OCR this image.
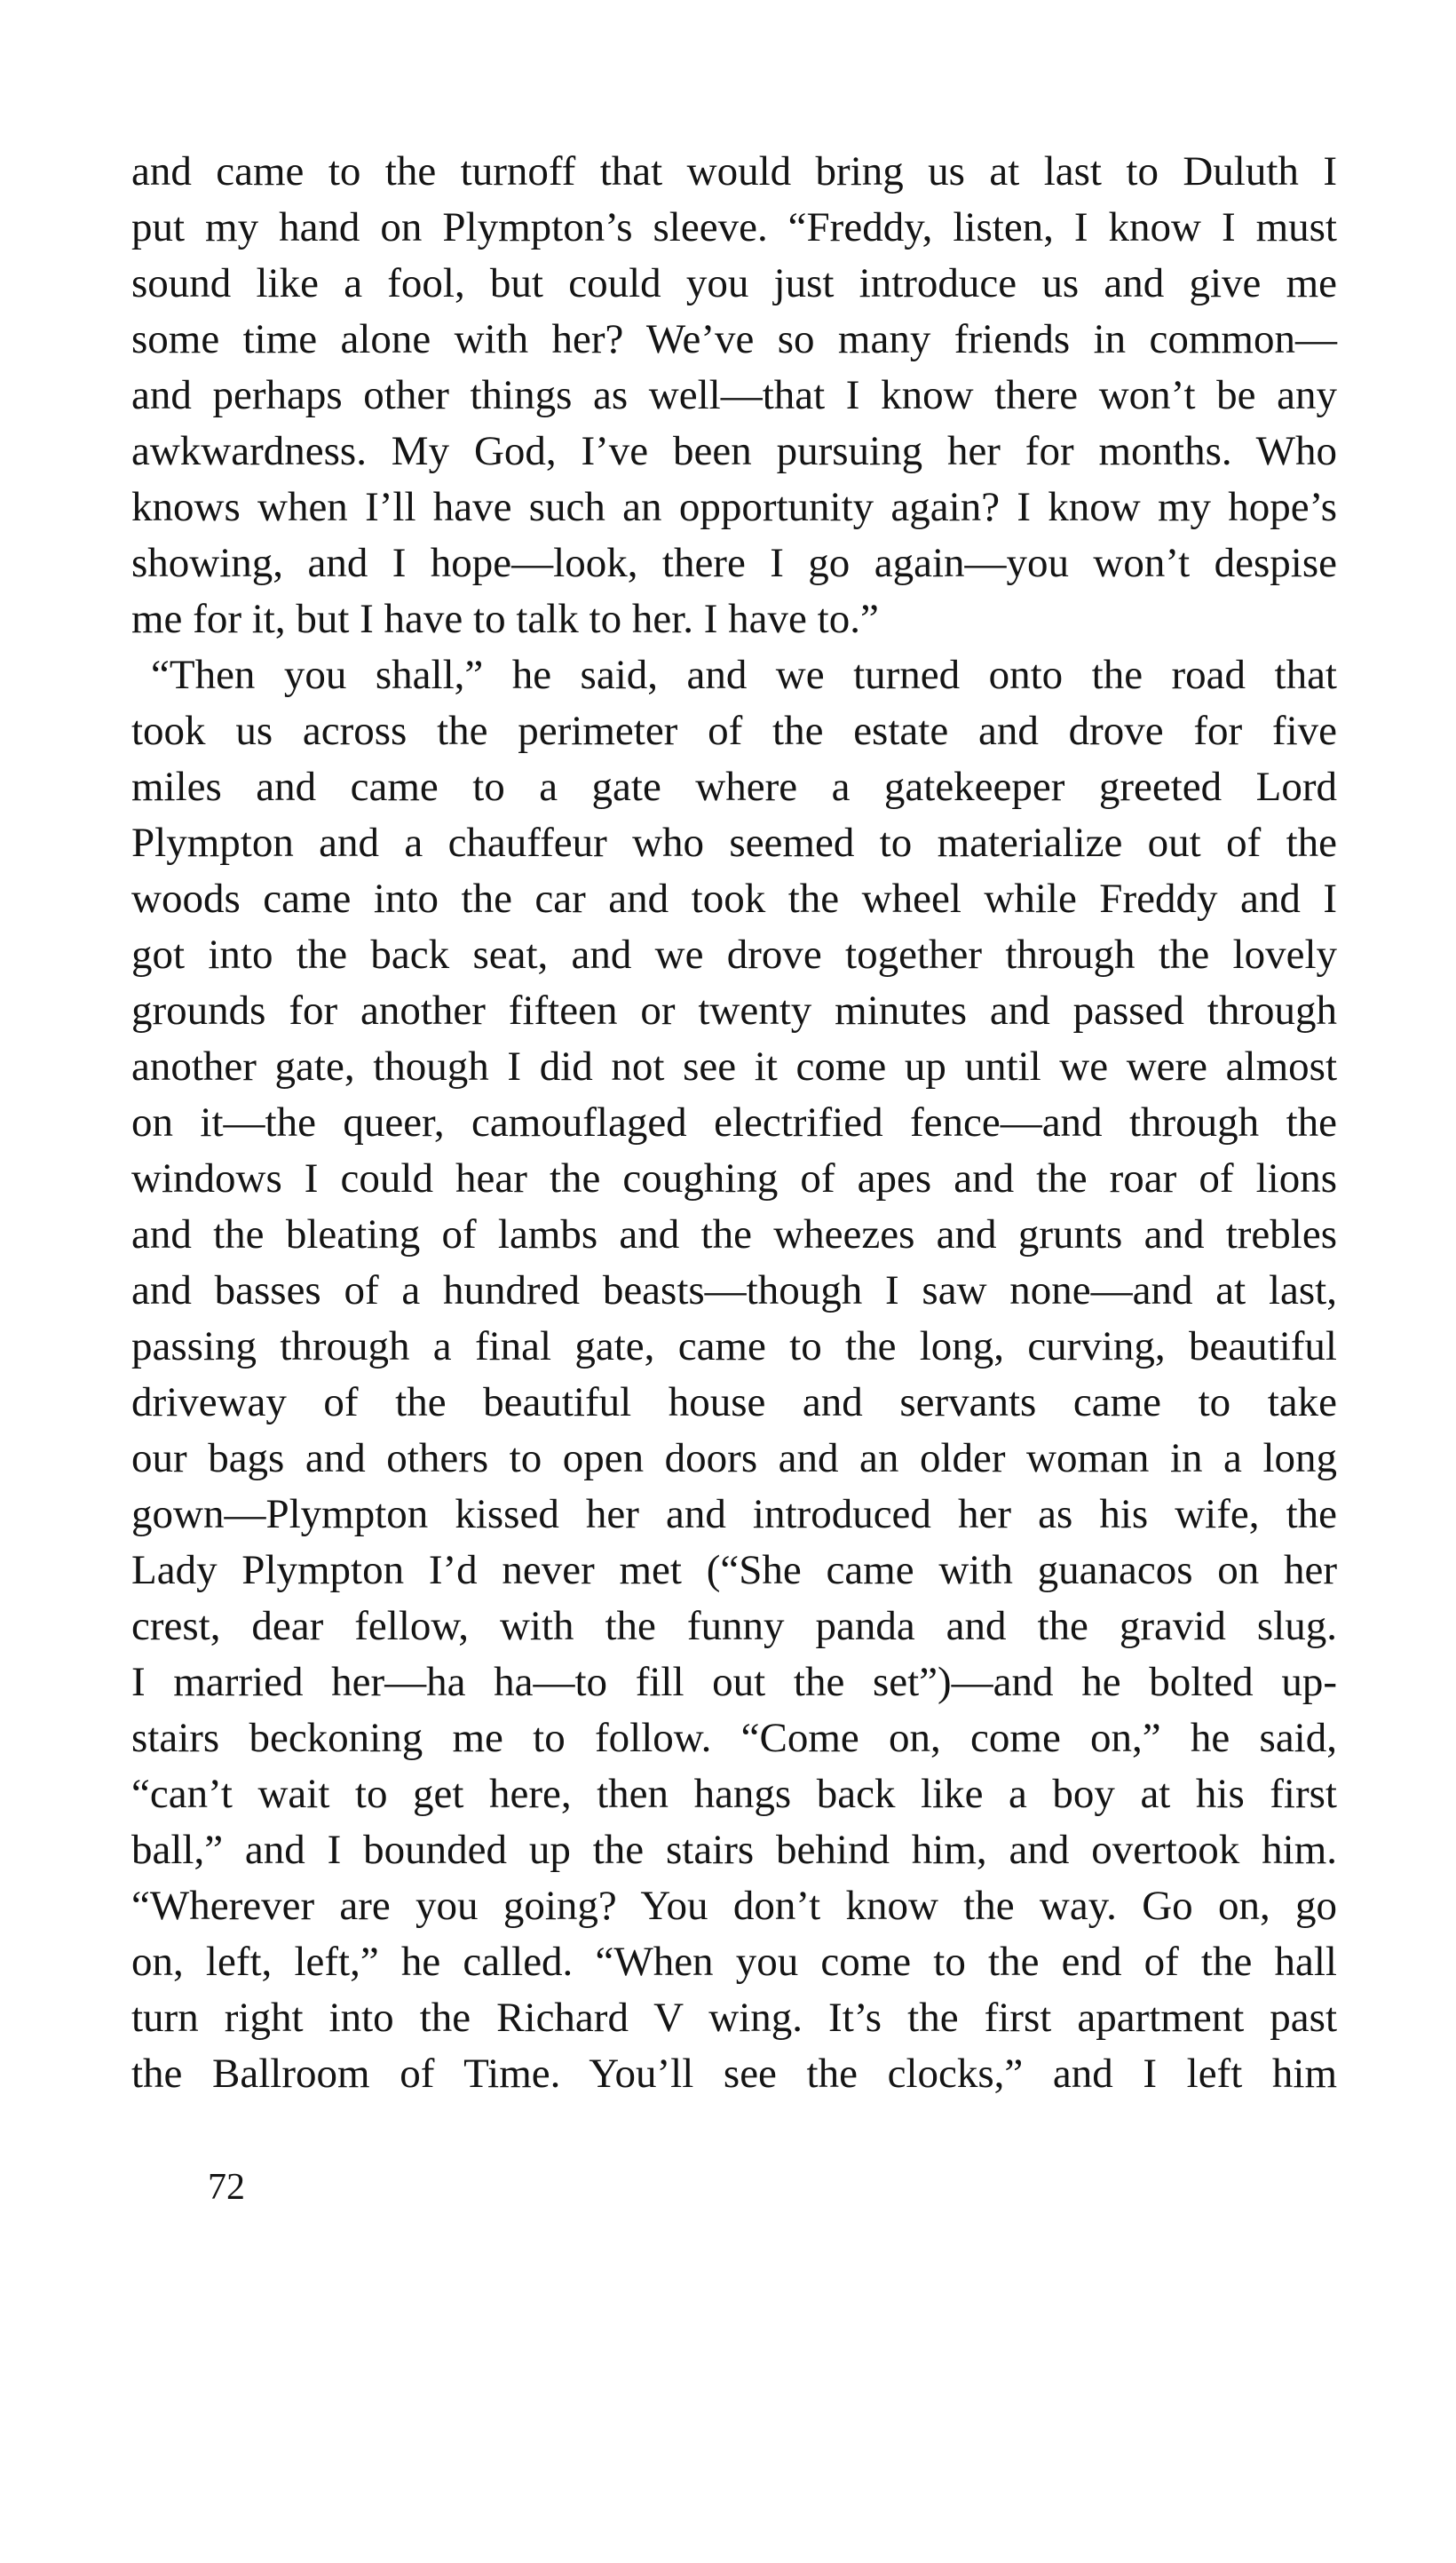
and came to the turnoff that would bring us at last to Duluth I
put my hand on Plympton’s sleeve. “Freddy, listen, I know I must
sound like a fool, but could you just introduce us and give me
some time alone with her? We’ve so many friends in common—
and perhaps other things as well—that I know there won’t be any
awkwardness. My God, I’ve been pursuing her for months. Who
knows when I’ll have such an opportunity again? I know my hope’s
showing, and I hope—look, there I go again—you won’t despise
me for it, but I have to talk to her. I have to.”
“Then you shall,” he said, and we turned onto the road that
took us across the perimeter of the estate and drove for five
miles and came to a gate where a gatekeeper greeted Lord
Plympton and a chauffeur who seemed to materialize out of the
woods came into the car and took the wheel while Freddy and I
got into the back seat, and we drove together through the lovely
grounds for another fifteen or twenty minutes and passed through
another gate, though I did not see it come up until we were almost
on it—the queer, camouflaged electrified fence—and through the
windows I could hear the coughing of apes and the roar of lions
and the bleating of lambs and the wheezes and grunts and trebles
and basses of a hundred beasts—though I saw none—and at last,
passing through a final gate, came to the long, curving, beautiful
driveway of the beautiful house and servants came to take
our bags and others to open doors and an older woman in a long
gown—Plympton kissed her and introduced her as his wife, the
Lady Plympton I’d never met (“She came with guanacos on her
crest, dear fellow, with the funny panda and the gravid slug.
I married her—ha ha—to fill out the set”)—and he bolted up-
stairs beckoning me to follow. “Come on, come on,” he said,
“can’t wait to get here, then hangs back like a boy at his first
ball,” and I bounded up the stairs behind him, and overtook him.
“Wherever are you going? You don’t know the way. Go on, go
on, left, left,” he called. “When you come to the end of the hall
turn right into the Richard V wing. It’s the first apartment past
the Ballroom of Time. You’ll see the clocks,” and I left him
72
